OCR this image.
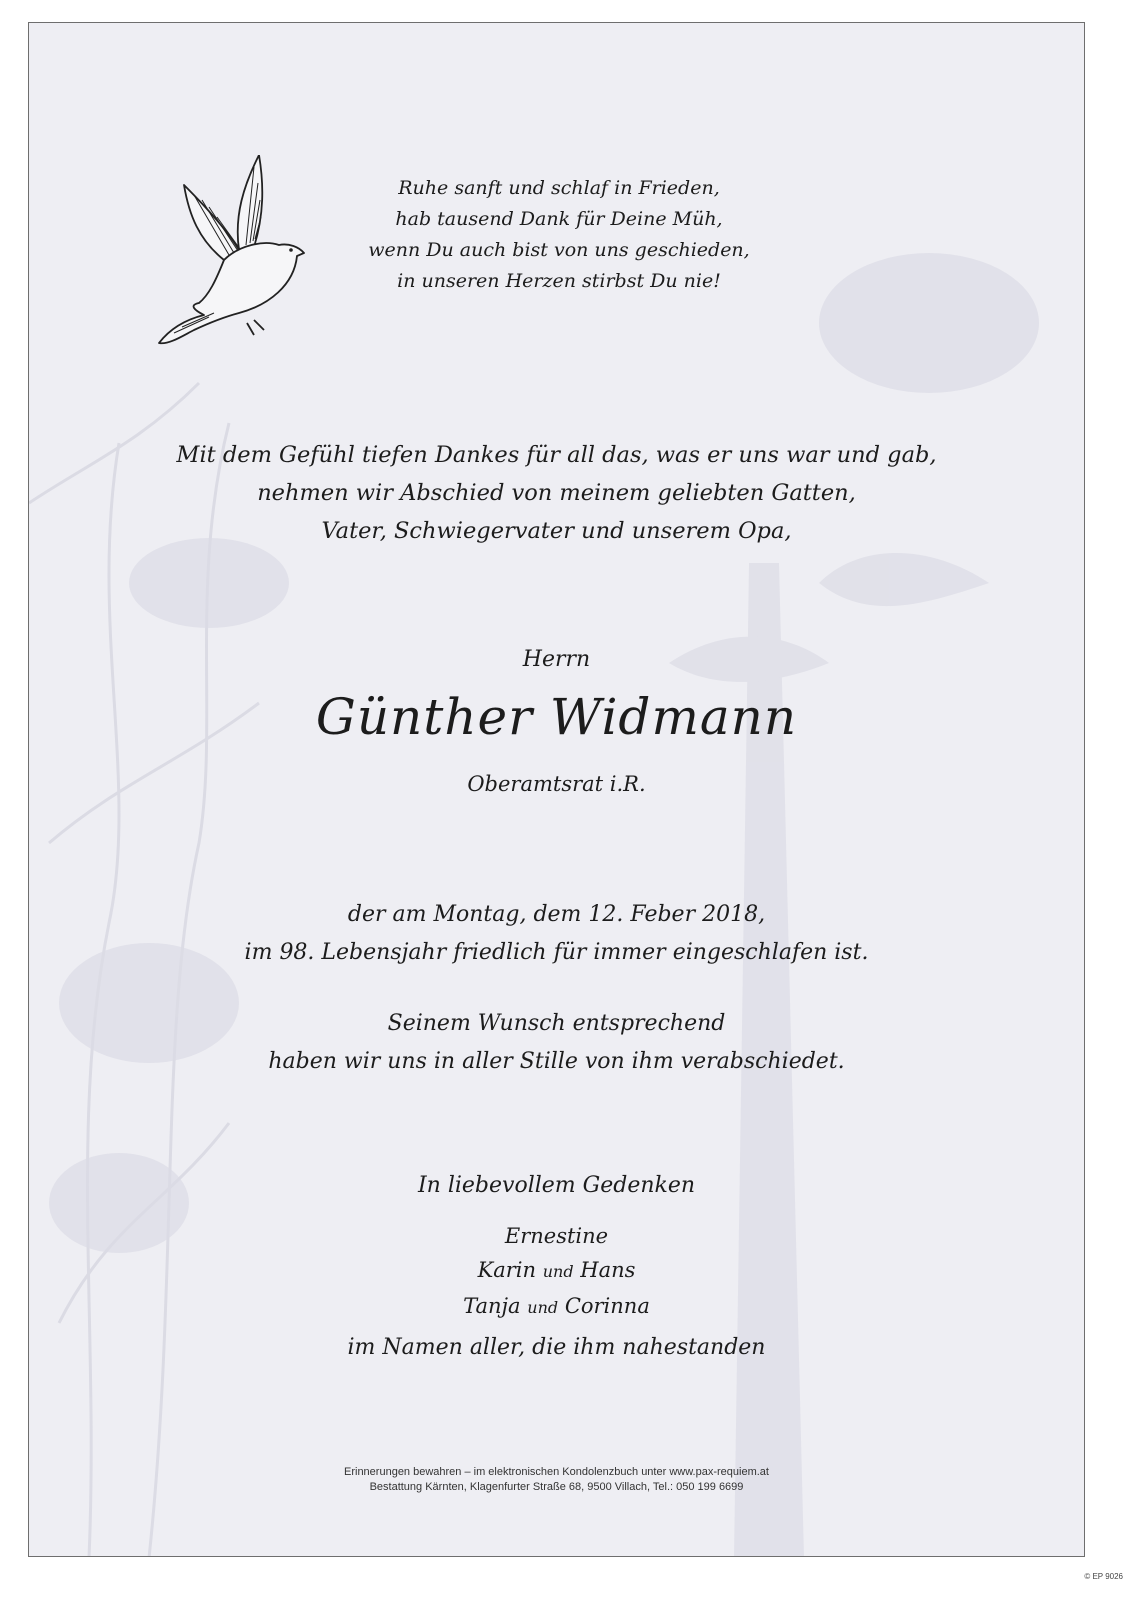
Ruhe sanft und schlaf in Frieden,
hab tausend Dank für Deine Müh,
wenn Du auch bist von uns geschieden,
in unseren Herzen stirbst Du nie!
Mit dem Gefühl tiefen Dankes für all das, was er uns war und gab,
nehmen wir Abschied von meinem geliebten Gatten,
Vater, Schwiegervater und unserem Opa,
Herrn
Günther Widmann
Oberamtsrat i.R.
der am Montag, dem 12. Feber 2018,
im 98. Lebensjahr friedlich für immer eingeschlafen ist.
Seinem Wunsch entsprechend
haben wir uns in aller Stille von ihm verabschiedet.
In liebevollem Gedenken
Ernestine
Karin und Hans
Tanja und Corinna
im Namen aller, die ihm nahestanden
Erinnerungen bewahren – im elektronischen Kondolenzbuch unter www.pax-requiem.at
Bestattung Kärnten, Klagenfurter Straße 68, 9500 Villach, Tel.: 050 199 6699
© EP 9026
